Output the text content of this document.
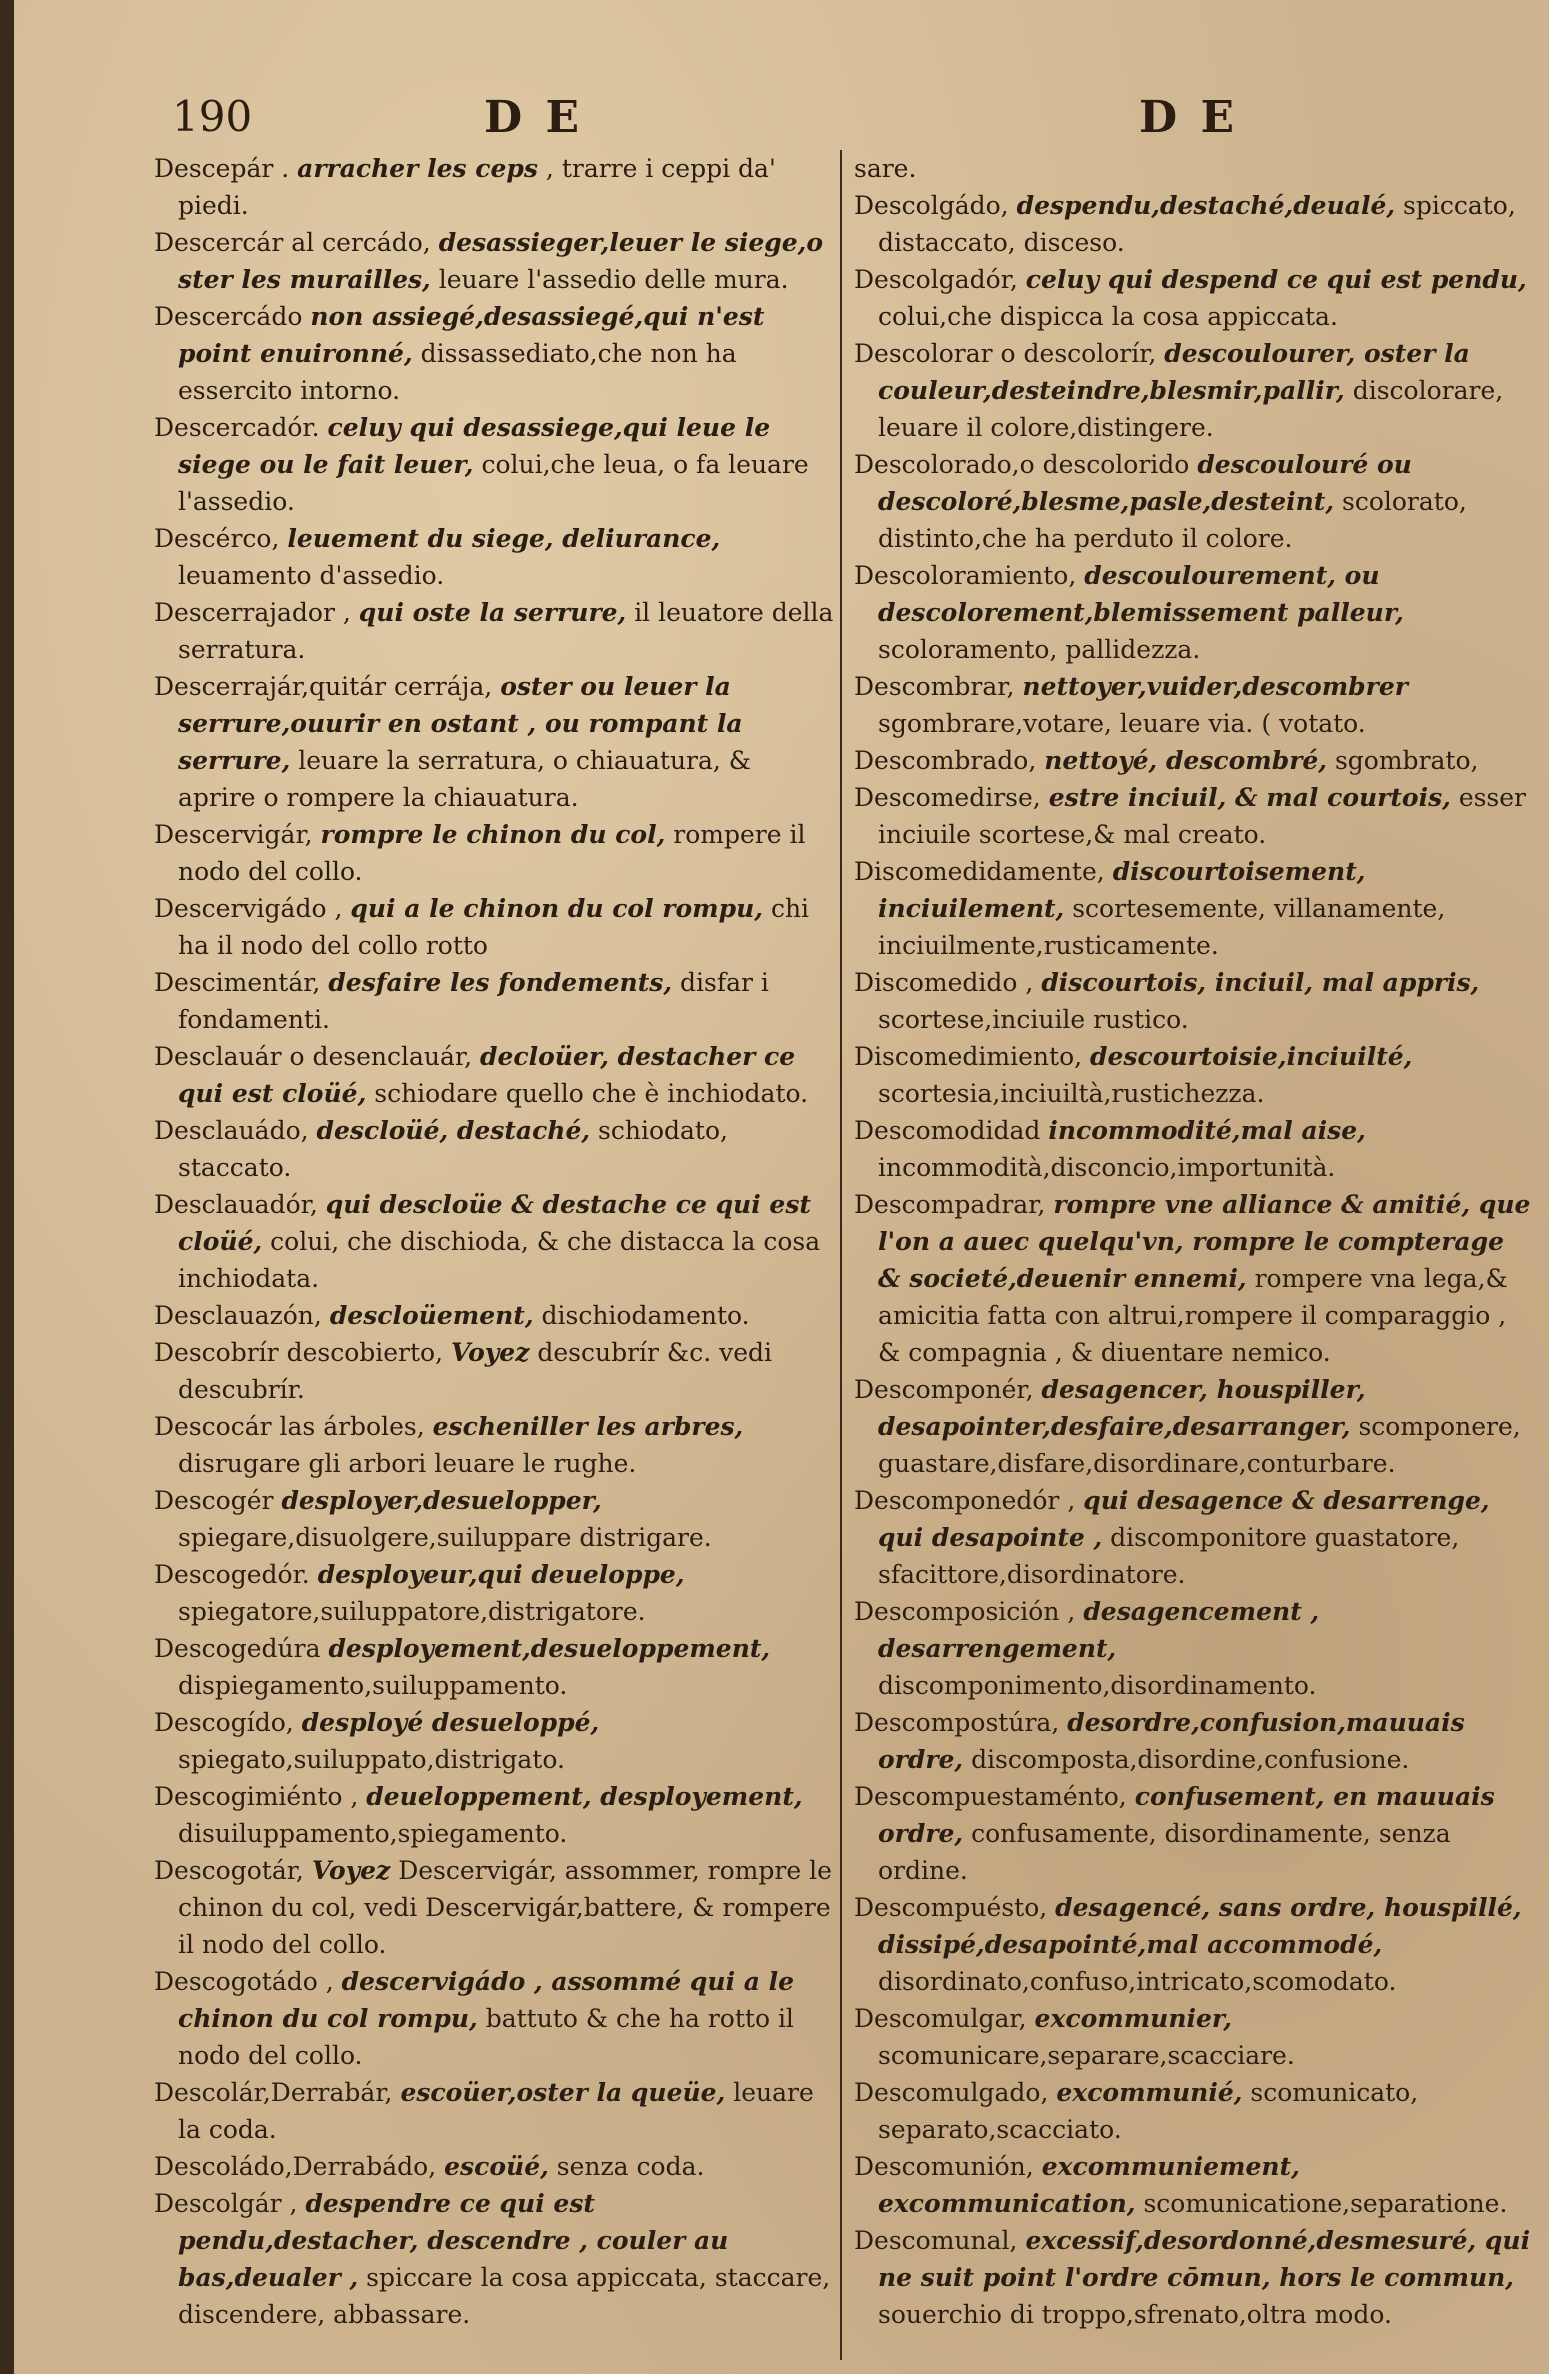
190	D E	D E

Descepár . arracher les ceps , trarre i ceppi da' piedi.

Descercár al cercádo, desassieger,leuer le siege,o ster les murailles, leuare l'assedio delle mura.

Descercádo non assiegé,desassiegé,qui n'est point enuironné, dissassediato,che non ha essercito intorno.

Descercadór. celuy qui desassiege,qui leue le siege ou le fait leuer, colui,che leua, o fa leuare l'assedio.

Descérco, leuement du siege, deliurance, leuamento d'assedio.

Descerrajador , qui oste la serrure, il leuatore della serratura.

Descerrajár,quitár cerrája, oster ou leuer la serrure,ouurir en ostant , ou rompant la serrure, leuare la serratura, o chiauatura, & aprire o rompere la chiauatura.

Descervigár, rompre le chinon du col, rompere il nodo del collo.

Descervigádo , qui a le chinon du col rompu, chi ha il nodo del collo rotto

Descimentár, desfaire les fondements, disfar i fondamenti.

Desclauár o desenclauár, decloüer, destacher ce qui est cloüé, schiodare quello che è inchiodato.

Desclauádo, descloüé, destaché, schiodato, staccato.

Desclauadór, qui descloüe & destache ce qui est cloüé, colui, che dischioda, & che distacca la cosa inchiodata.

Desclauazón, descloüement, dischiodamento.

Descobrír descobierto, Voyez descubrír &c. vedi descubrír.

Descocár las árboles, escheniller les arbres, disrugare gli arbori leuare le rughe.

Descogér desployer,desuelopper, spiegare,disuolgere,suiluppare distrigare.

Descogedór. desployeur,qui deueloppe, spiegatore,suiluppatore,distrigatore.

Descogedúra desployement,desueloppement, dispiegamento,suiluppamento.

Descogído, desployé desueloppé, spiegato,suiluppato,distrigato.

Descogimiénto , deueloppement, desployement, disuiluppamento,spiegamento.

Descogotár, Voyez Descervigár, assommer, rompre le chinon du col, vedi Descervigár,battere, & rompere il nodo del collo.

Descogotádo , descervigádo , assommé qui a le chinon du col rompu, battuto & che ha rotto il nodo del collo.

Descolár,Derrabár, escoüer,oster la queüe, leuare la coda.

Descoládo,Derrabádo, escoüé, senza coda.

Descolgár , despendre ce qui est pendu,destacher, descendre , couler au bas,deualer , spiccare la cosa appiccata, staccare, discendere, abbassare.

sare.

Descolgádo, despendu,destaché,deualé, spiccato, distaccato, disceso.

Descolgadór, celuy qui despend ce qui est pendu, colui,che dispicca la cosa appiccata.

Descolorar o descolorír, descoulourer, oster la couleur,desteindre,blesmir,pallir, discolorare, leuare il colore,distingere.

Descolorado,o descolorido descoulouré ou descoloré,blesme,pasle,desteint, scolorato, distinto,che ha perduto il colore.

Descoloramiento, descoulourement, ou descolorement,blemissement palleur, scoloramento, pallidezza.

Descombrar, nettoyer,vuider,descombrer sgombrare,votare, leuare via. ( votato.

Descombrado, nettoyé, descombré, sgombrato,

Descomedirse, estre inciuil, & mal courtois, esser inciuile scortese,& mal creato.

Discomedidamente, discourtoisement, inciuilement, scortesemente, villanamente, inciuilmente,rusticamente.

Discomedido , discourtois, inciuil, mal appris, scortese,inciuile rustico.

Discomedimiento, descourtoisie,inciuilté, scortesia,inciuiltà,rustichezza.

Descomodidad incommodité,mal aise, incommodità,disconcio,importunità.

Descompadrar, rompre vne alliance & amitié, que l'on a auec quelqu'vn, rompre le compterage & societé,deuenir ennemi, rompere vna lega,& amicitia fatta con altrui,rompere il comparaggio , & compagnia , & diuentare nemico.

Descomponér, desagencer, houspiller, desapointer,desfaire,desarranger, scomponere, guastare,disfare,disordinare,conturbare.

Descomponedór , qui desagence & desarrenge, qui desapointe , discomponitore guastatore, sfacittore,disordinatore.

Descomposición , desagencement , desarrengement, discomponimento,disordinamento.

Descompostúra, desordre,confusion,mauuais ordre, discomposta,disordine,confusione.

Descompuestaménto, confusement, en mauuais ordre, confusamente, disordinamente, senza ordine.

Descompuésto, desagencé, sans ordre, houspillé, dissipé,desapointé,mal accommodé, disordinato,confuso,intricato,scomodato.

Descomulgar, excommunier, scomunicare,separare,scacciare.

Descomulgado, excommunié, scomunicato, separato,scacciato.

Descomunión, excommuniement, excommunication, scomunicatione,separatione.

Descomunal, excessif,desordonné,desmesuré, qui ne suit point l'ordre cōmun, hors le commun, souerchio di troppo,sfrenato,oltra modo.
